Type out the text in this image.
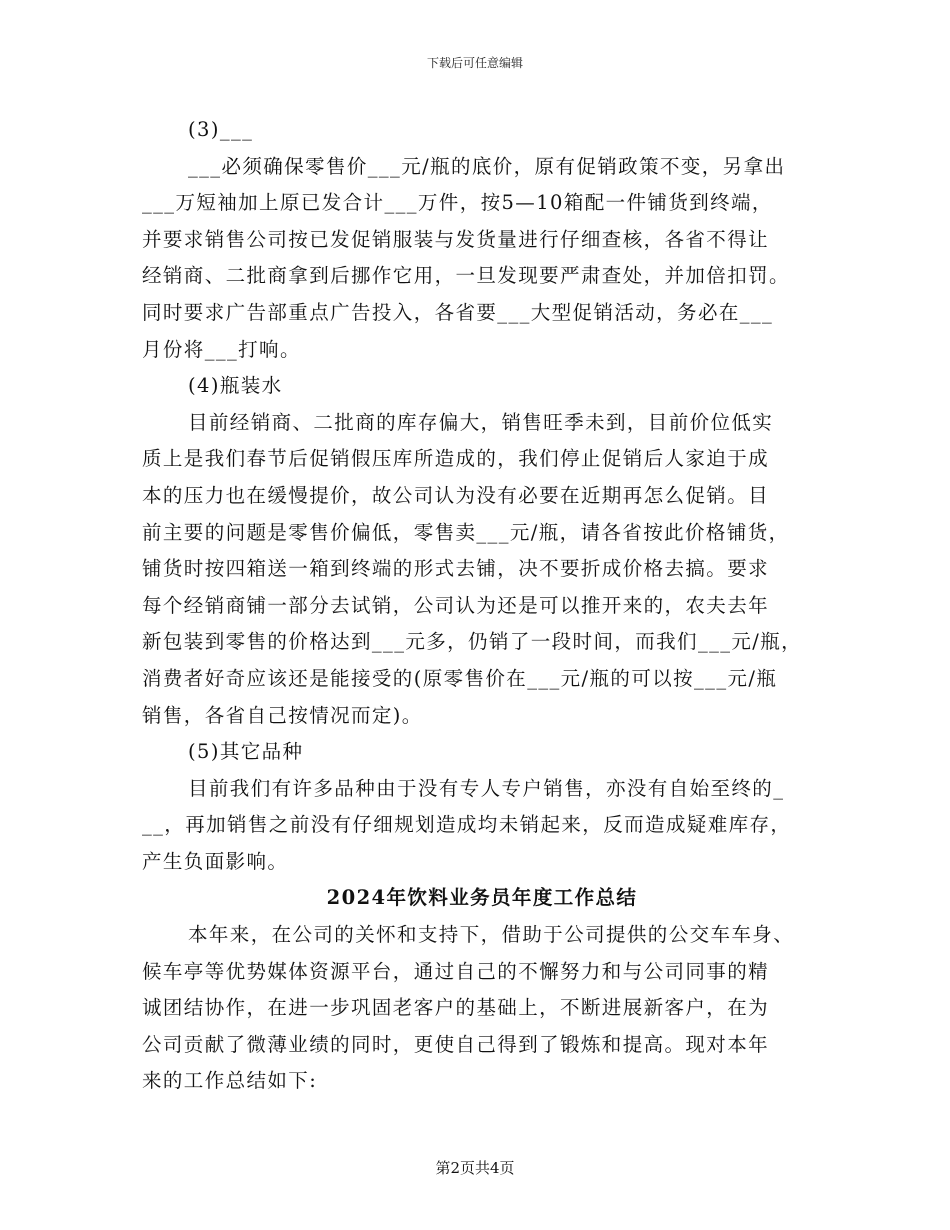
下载后可任意编辑
(3)___
___必须确保零售价___元/瓶的底价，原有促销政策不变，另拿出
___万短袖加上原已发合计___万件，按5—10箱配一件铺货到终端，
并要求销售公司按已发促销服装与发货量进行仔细查核，各省不得让
经销商、二批商拿到后挪作它用，一旦发现要严肃查处，并加倍扣罚。
同时要求广告部重点广告投入，各省要___大型促销活动，务必在___
月份将___打响。
(4)瓶装水
目前经销商、二批商的库存偏大，销售旺季未到，目前价位低实
质上是我们春节后促销假压库所造成的，我们停止促销后人家迫于成
本的压力也在缓慢提价，故公司认为没有必要在近期再怎么促销。目
前主要的问题是零售价偏低，零售卖___元/瓶，请各省按此价格铺货，
铺货时按四箱送一箱到终端的形式去铺，决不要折成价格去搞。要求
每个经销商铺一部分去试销，公司认为还是可以推开来的，农夫去年
新包装到零售的价格达到___元多，仍销了一段时间，而我们___元/瓶，
消费者好奇应该还是能接受的(原零售价在___元/瓶的可以按___元/瓶
销售，各省自己按情况而定)。
(5)其它品种
目前我们有许多品种由于没有专人专户销售，亦没有自始至终的_
__，再加销售之前没有仔细规划造成均未销起来，反而造成疑难库存，
产生负面影响。
2024年饮料业务员年度工作总结
本年来，在公司的关怀和支持下，借助于公司提供的公交车车身、
候车亭等优势媒体资源平台，通过自己的不懈努力和与公司同事的精
诚团结协作，在进一步巩固老客户的基础上，不断进展新客户，在为
公司贡献了微薄业绩的同时，更使自己得到了锻炼和提高。现对本年
来的工作总结如下:
第2页共4页
